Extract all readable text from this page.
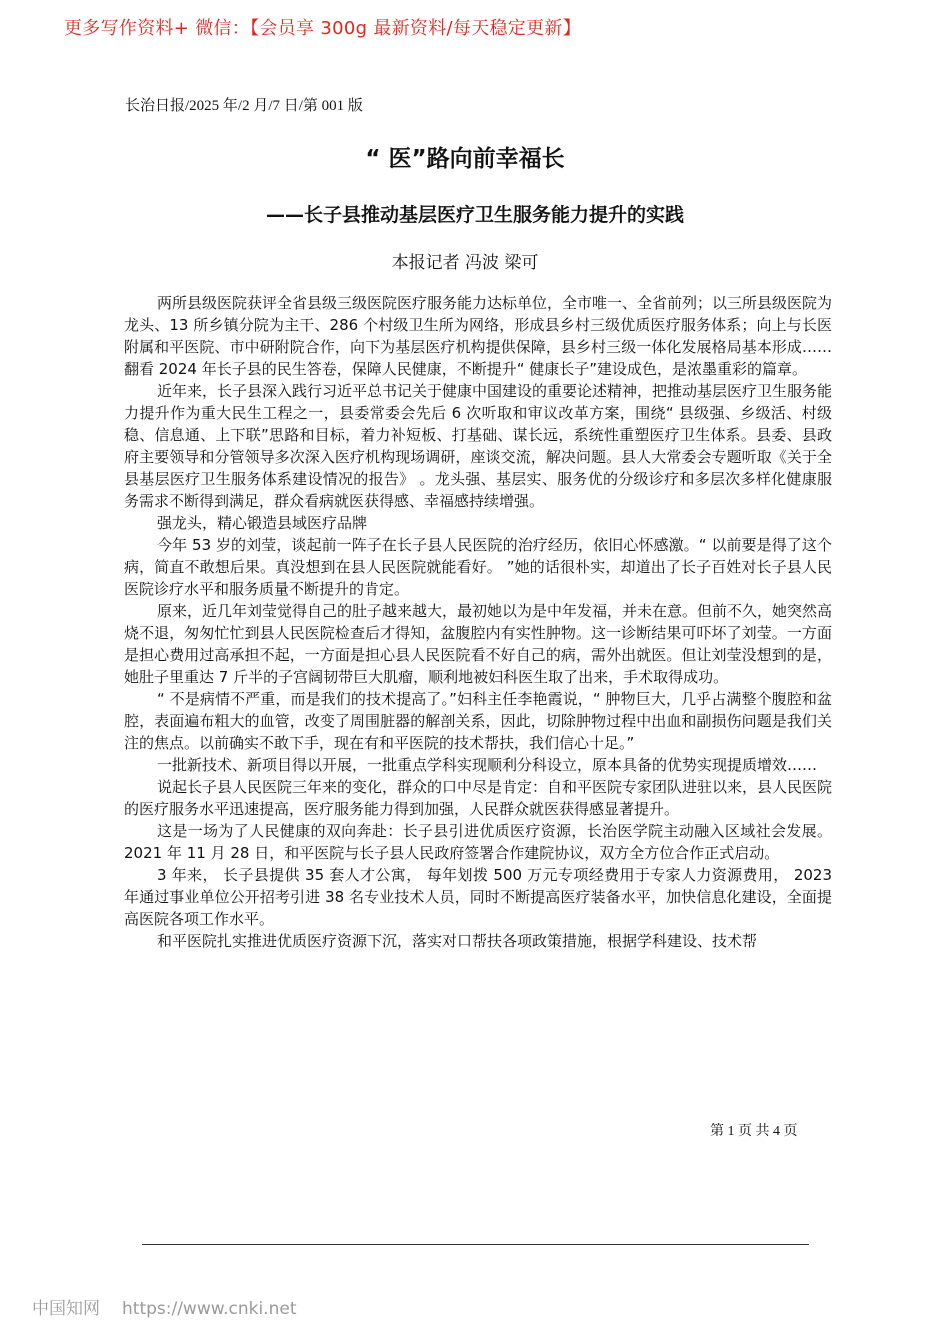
更多写作资料+ 微信：【会员享 300g 最新资料/每天稳定更新】
长治日报/2025 年/2 月/7 日/第 001 版
“ 医”路向前幸福长
——长子县推动基层医疗卫生服务能力提升的实践
本报记者 冯波 梁可

两所县级医院获评全省县级三级医院医疗服务能力达标单位，全市唯一、全省前列；以三所县级医院为龙头、13 所乡镇分院为主干、286 个村级卫生所为网络，形成县乡村三级优质医疗服务体系；向上与长医附属和平医院、市中研附院合作，向下为基层医疗机构提供保障，县乡村三级一体化发展格局基本形成……翻看 2024 年长子县的民生答卷，保障人民健康，不断提升“ 健康长子”建设成色，是浓墨重彩的篇章。

近年来，长子县深入践行习近平总书记关于健康中国建设的重要论述精神，把推动基层医疗卫生服务能力提升作为重大民生工程之一，县委常委会先后 6 次听取和审议改革方案，围绕“ 县级强、乡级活、村级稳、信息通、上下联”思路和目标，着力补短板、打基础、谋长远，系统性重塑医疗卫生体系。县委、县政府主要领导和分管领导多次深入医疗机构现场调研，座谈交流，解决问题。县人大常委会专题听取《关于全县基层医疗卫生服务体系建设情况的报告》 。龙头强、基层实、服务优的分级诊疗和多层次多样化健康服务需求不断得到满足，群众看病就医获得感、幸福感持续增强。

强龙头，精心锻造县域医疗品牌

今年 53 岁的刘莹，谈起前一阵子在长子县人民医院的治疗经历，依旧心怀感激。“ 以前要是得了这个病，简直不敢想后果。真没想到在县人民医院就能看好。 ”她的话很朴实，却道出了长子百姓对长子县人民医院诊疗水平和服务质量不断提升的肯定。

原来，近几年刘莹觉得自己的肚子越来越大，最初她以为是中年发福，并未在意。但前不久，她突然高烧不退，匆匆忙忙到县人民医院检查后才得知，盆腹腔内有实性肿物。这一诊断结果可吓坏了刘莹。一方面是担心费用过高承担不起，一方面是担心县人民医院看不好自己的病，需外出就医。但让刘莹没想到的是，她肚子里重达 7 斤半的子宫阔韧带巨大肌瘤，顺利地被妇科医生取了出来，手术取得成功。

“ 不是病情不严重，而是我们的技术提高了。”妇科主任李艳霞说，“ 肿物巨大，几乎占满整个腹腔和盆腔，表面遍布粗大的血管，改变了周围脏器的解剖关系，因此，切除肿物过程中出血和副损伤问题是我们关注的焦点。以前确实不敢下手，现在有和平医院的技术帮扶，我们信心十足。”

一批新技术、新项目得以开展，一批重点学科实现顺利分科设立，原本具备的优势实现提质增效……

说起长子县人民医院三年来的变化，群众的口中尽是肯定：自和平医院专家团队进驻以来，县人民医院的医疗服务水平迅速提高，医疗服务能力得到加强，人民群众就医获得感显著提升。

这是一场为了人民健康的双向奔赴：长子县引进优质医疗资源，长治医学院主动融入区域社会发展。2021 年 11 月 28 日，和平医院与长子县人民政府签署合作建院协议，双方全方位合作正式启动。

3 年来， 长子县提供 35 套人才公寓， 每年划拨 500 万元专项经费用于专家人力资源费用， 2023 年通过事业单位公开招考引进 38 名专业技术人员，同时不断提高医疗装备水平，加快信息化建设，全面提高医院各项工作水平。

和平医院扎实推进优质医疗资源下沉，落实对口帮扶各项政策措施，根据学科建设、技术帮

第 1 页 共 4 页
中国知网 https://www.cnki.net
